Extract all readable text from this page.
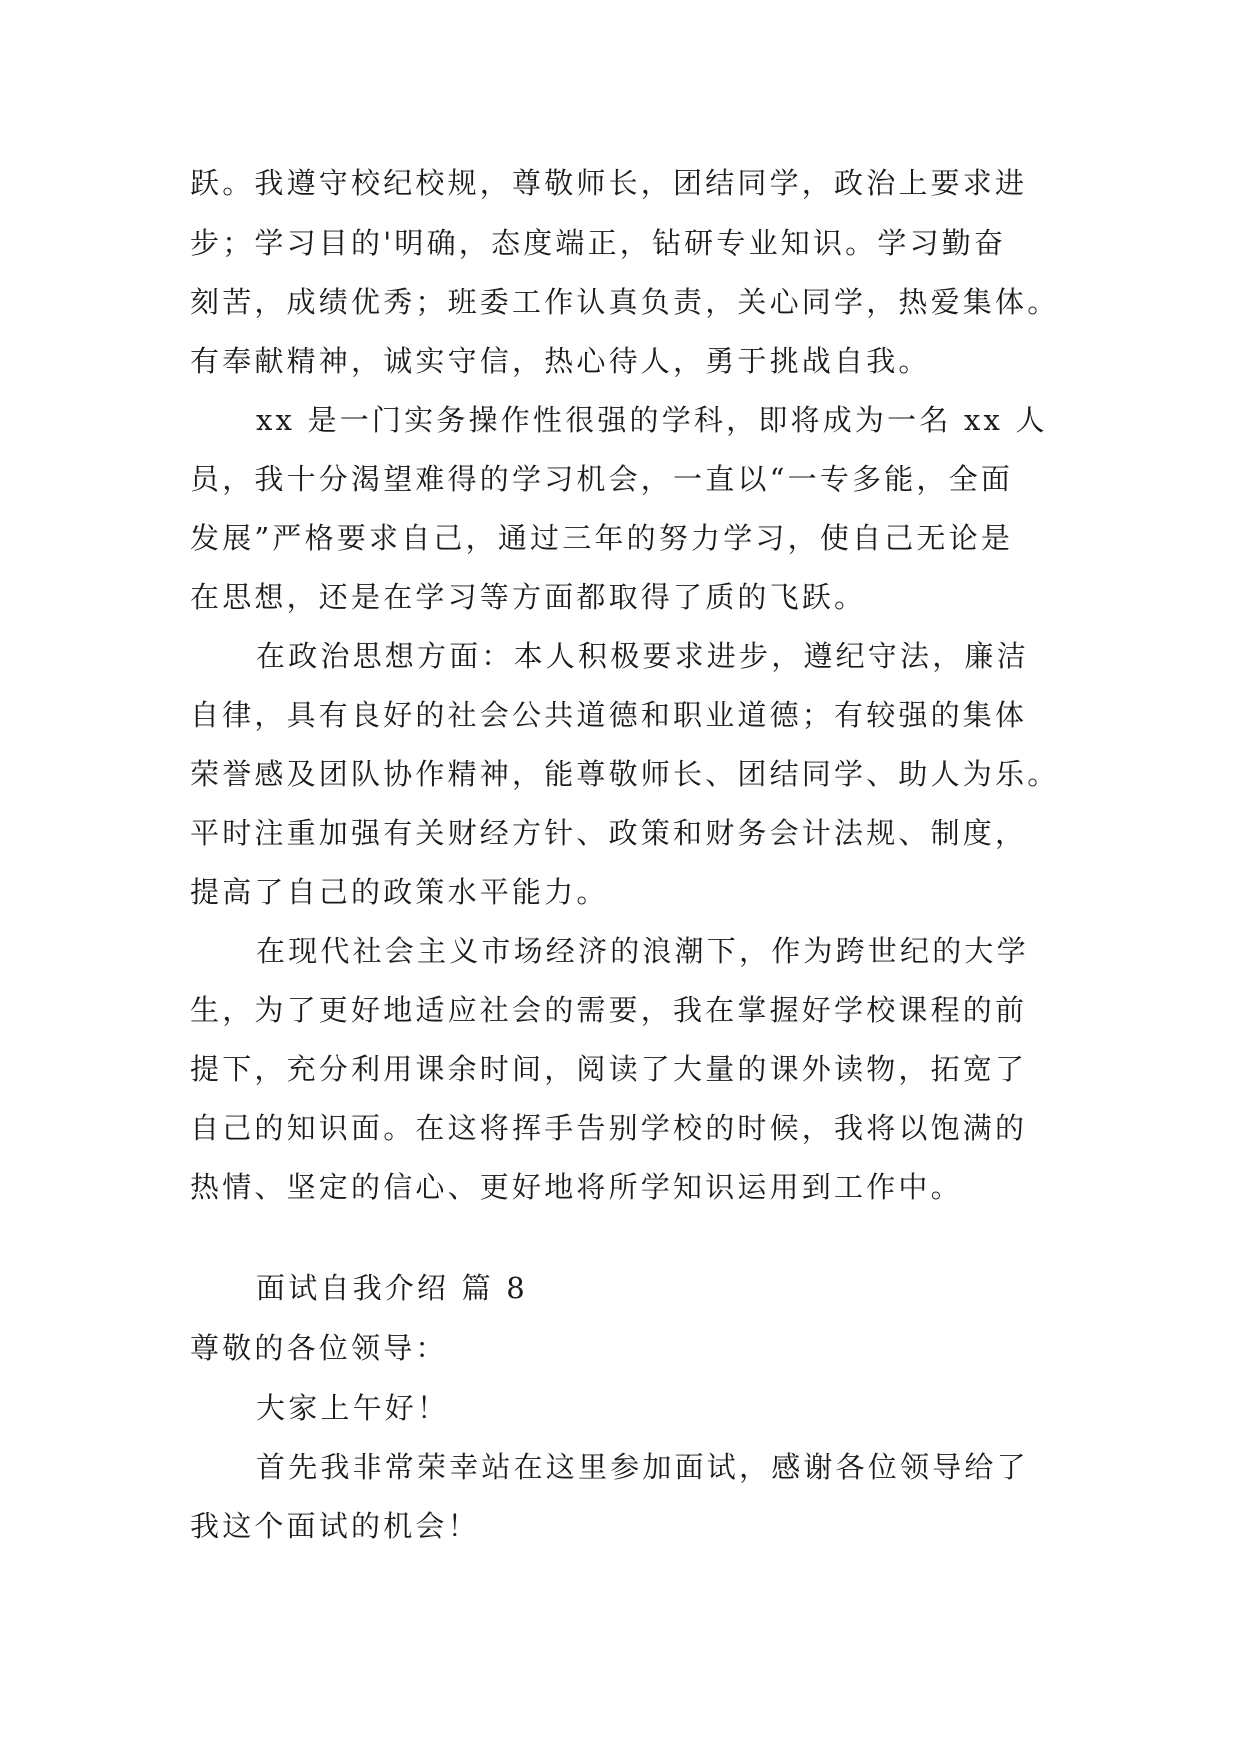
跃。我遵守校纪校规，尊敬师长，团结同学，政治上要求进
步；学习目的'明确，态度端正，钻研专业知识。学习勤奋
刻苦，成绩优秀；班委工作认真负责，关心同学，热爱集体。
有奉献精神，诚实守信，热心待人，勇于挑战自我。
xx 是一门实务操作性很强的学科，即将成为一名 xx 人
员，我十分渴望难得的学习机会，一直以“一专多能，全面
发展”严格要求自己，通过三年的努力学习，使自己无论是
在思想，还是在学习等方面都取得了质的飞跃。
在政治思想方面：本人积极要求进步，遵纪守法，廉洁
自律，具有良好的社会公共道德和职业道德；有较强的集体
荣誉感及团队协作精神，能尊敬师长、团结同学、助人为乐。
平时注重加强有关财经方针、政策和财务会计法规、制度，
提高了自己的政策水平能力。
在现代社会主义市场经济的浪潮下，作为跨世纪的大学
生，为了更好地适应社会的需要，我在掌握好学校课程的前
提下，充分利用课余时间，阅读了大量的课外读物，拓宽了
自己的知识面。在这将挥手告别学校的时候，我将以饱满的
热情、坚定的信心、更好地将所学知识运用到工作中。
面试自我介绍 篇 8
尊敬的各位领导：
大家上午好！
首先我非常荣幸站在这里参加面试，感谢各位领导给了
我这个面试的机会！
